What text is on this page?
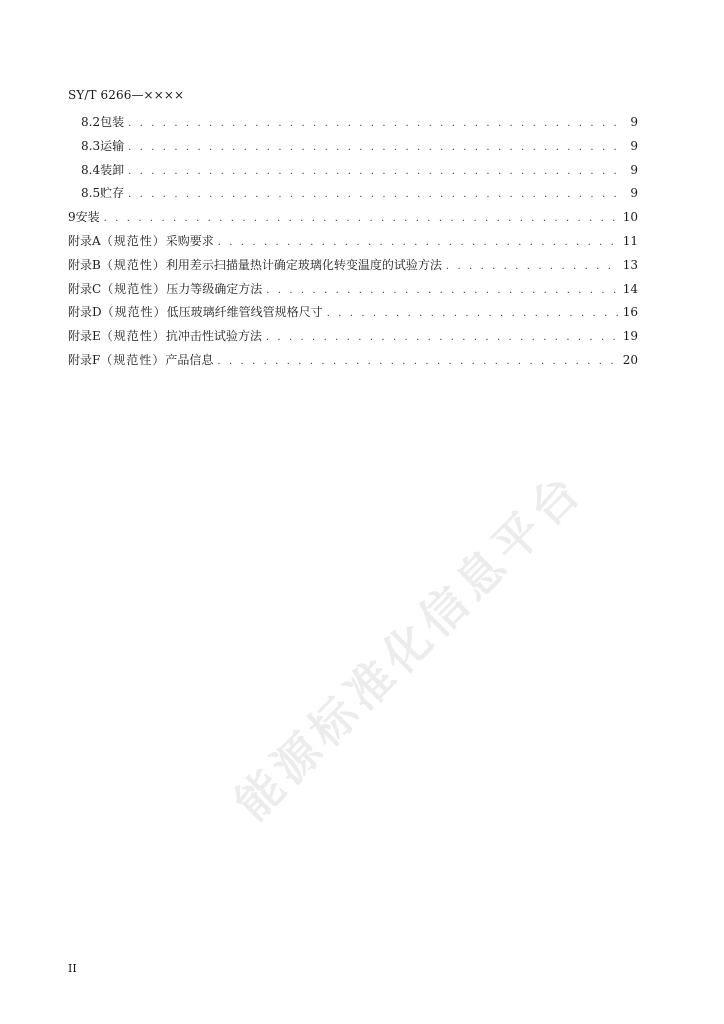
SY/T 6266—××××
8.2 包装 . . .	9
8.3 运输 . . .	9
8.4 装卸 . . .	9
8.5 贮存 . . .	9
9 安装 . . .	10
附 录 A （规范性） 采购要求 . . .	11
附 录 B （规范性） 利用差示扫描量热计确定玻璃化转变温度的试验方法 . . .	13
附 录 C （规范性） 压力等级确定方法 . . .	14
附 录 D （规范性） 低压玻璃纤维管线管规格尺寸 . . .	16
附 录 E （规范性） 抗冲击性试验方法 . . .	19
附 录 F （规范性） 产品信息 . . .	20
能源标准化信息平台
II
